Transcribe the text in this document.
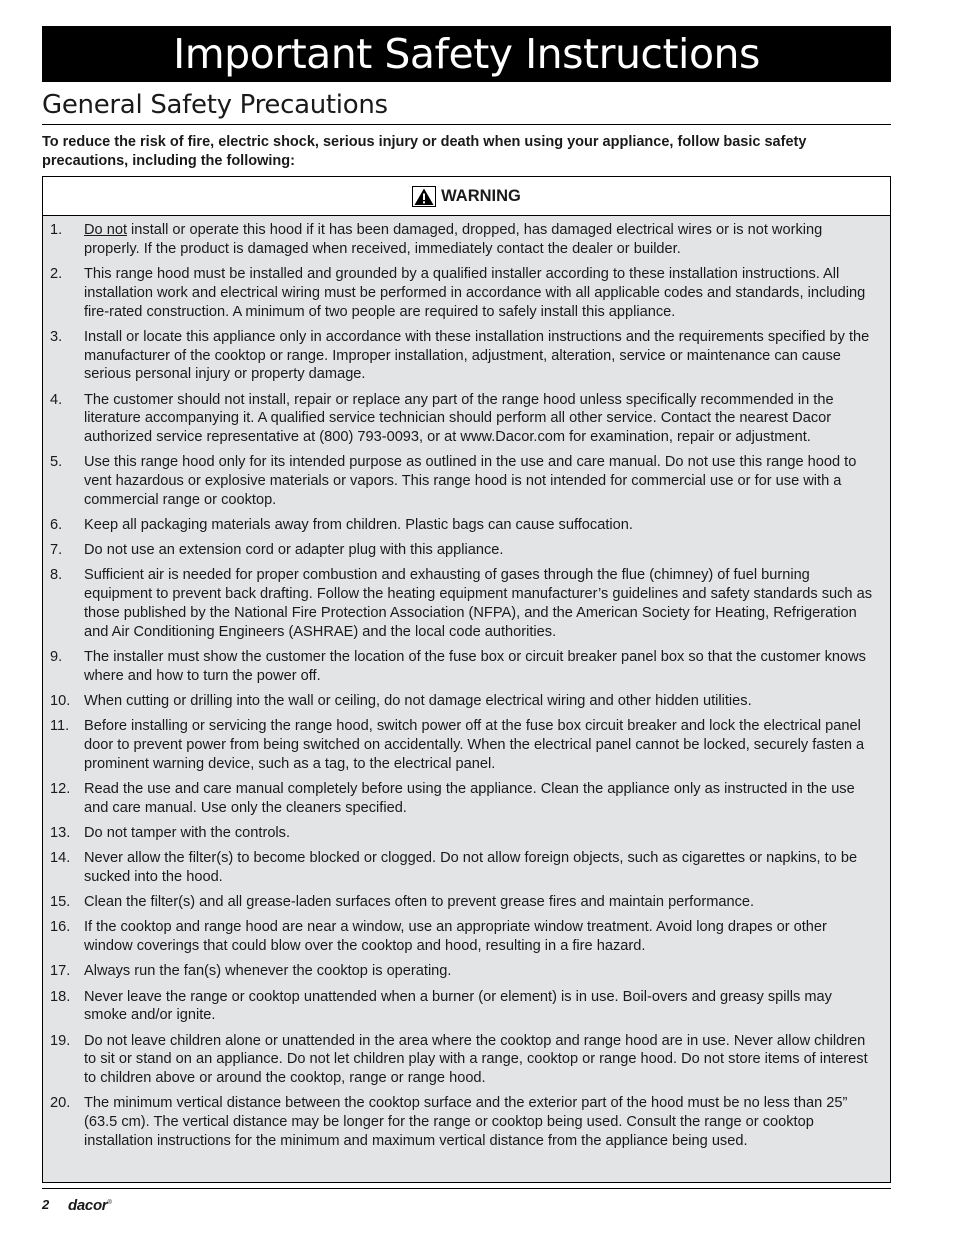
Important Safety Instructions
General Safety Precautions

To reduce the risk of fire, electric shock, serious injury or death when using your appliance, follow basic safety precautions, including the following:

WARNING
1. Do not install or operate this hood if it has been damaged, dropped, has damaged electrical wires or is not working properly. If the product is damaged when received, immediately contact the dealer or builder.
2. This range hood must be installed and grounded by a qualified installer according to these installation instructions. All installation work and electrical wiring must be performed in accordance with all applicable codes and standards, including fire-rated construction. A minimum of two people are required to safely install this appliance.
3. Install or locate this appliance only in accordance with these installation instructions and the requirements specified by the manufacturer of the cooktop or range. Improper installation, adjustment, alteration, service or maintenance can cause serious personal injury or property damage.
4. The customer should not install, repair or replace any part of the range hood unless specifically recommended in the literature accompanying it. A qualified service technician should perform all other service. Contact the nearest Dacor authorized service representative at (800) 793-0093, or at www.Dacor.com for examination, repair or adjustment.
5. Use this range hood only for its intended purpose as outlined in the use and care manual. Do not use this range hood to vent hazardous or explosive materials or vapors. This range hood is not intended for commercial use or for use with a commercial range or cooktop.
6. Keep all packaging materials away from children. Plastic bags can cause suffocation.
7. Do not use an extension cord or adapter plug with this appliance.
8. Sufficient air is needed for proper combustion and exhausting of gases through the flue (chimney) of fuel burning equipment to prevent back drafting. Follow the heating equipment manufacturer’s guidelines and safety standards such as those published by the National Fire Protection Association (NFPA), and the American Society for Heating, Refrigeration and Air Conditioning Engineers (ASHRAE) and the local code authorities.
9. The installer must show the customer the location of the fuse box or circuit breaker panel box so that the customer knows where and how to turn the power off.
10. When cutting or drilling into the wall or ceiling, do not damage electrical wiring and other hidden utilities.
11. Before installing or servicing the range hood, switch power off at the fuse box circuit breaker and lock the electrical panel door to prevent power from being switched on accidentally. When the electrical panel cannot be locked, securely fasten a prominent warning device, such as a tag, to the electrical panel.
12. Read the use and care manual completely before using the appliance. Clean the appliance only as instructed in the use and care manual. Use only the cleaners specified.
13. Do not tamper with the controls.
14. Never allow the filter(s) to become blocked or clogged. Do not allow foreign objects, such as cigarettes or napkins, to be sucked into the hood.
15. Clean the filter(s) and all grease-laden surfaces often to prevent grease fires and maintain performance.
16. If the cooktop and range hood are near a window, use an appropriate window treatment. Avoid long drapes or other window coverings that could blow over the cooktop and hood, resulting in a fire hazard.
17. Always run the fan(s) whenever the cooktop is operating.
18. Never leave the range or cooktop unattended when a burner (or element) is in use. Boil-overs and greasy spills may smoke and/or ignite.
19. Do not leave children alone or unattended in the area where the cooktop and range hood are in use. Never allow children to sit or stand on an appliance. Do not let children play with a range, cooktop or range hood. Do not store items of interest to children above or around the cooktop, range or range hood.
20. The minimum vertical distance between the cooktop surface and the exterior part of the hood must be no less than 25” (63.5 cm). The vertical distance may be longer for the range or cooktop being used. Consult the range or cooktop installation instructions for the minimum and maximum vertical distance from the appliance being used.
2 dacor®
